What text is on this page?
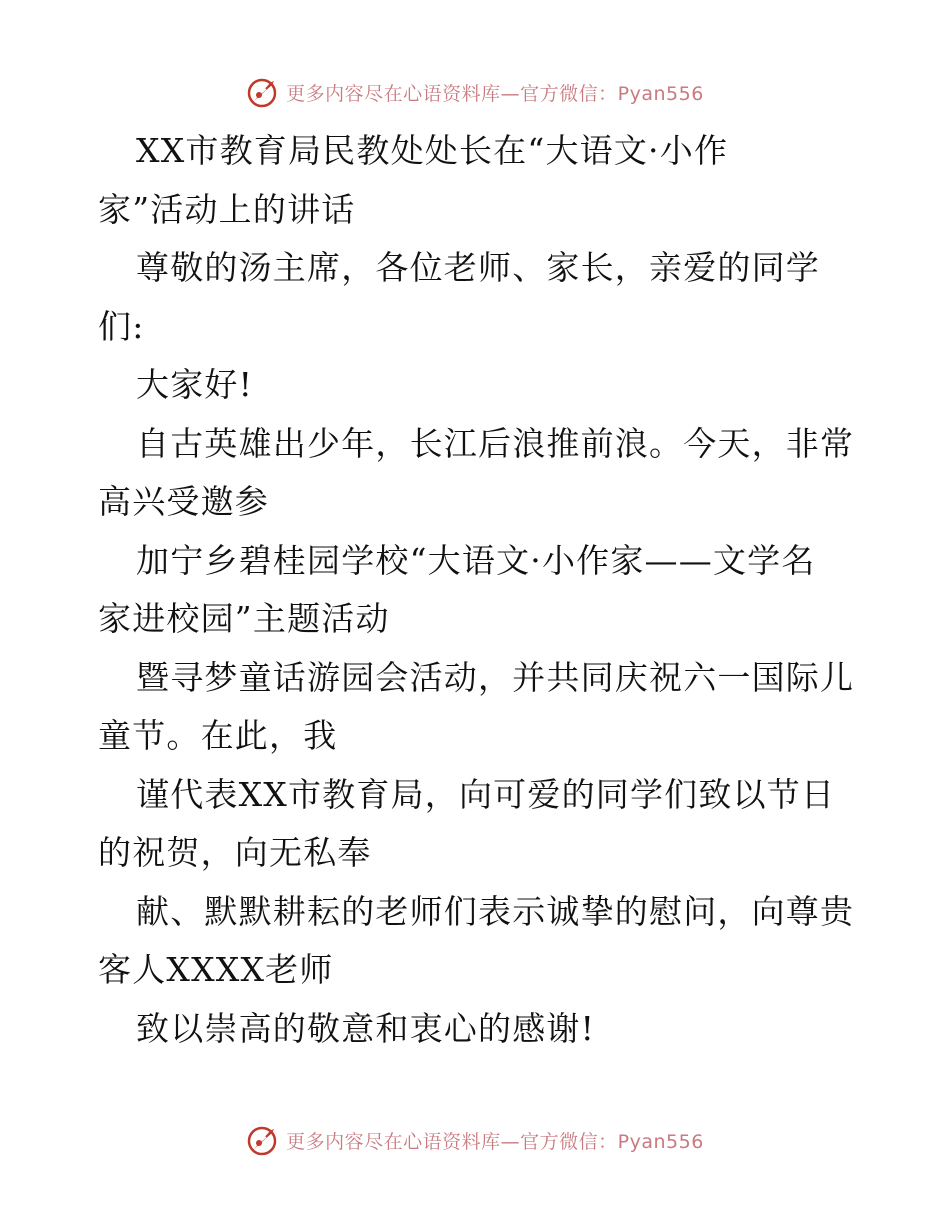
更多内容尽在心语资料库—官方微信：Pyan556
XX市教育局民教处处长在“大语文·小作
家”活动上的讲话
尊敬的汤主席，各位老师、家长，亲爱的同学
们:
大家好!
自古英雄出少年，长江后浪推前浪。今天，非常
高兴受邀参
加宁乡碧桂园学校“大语文·小作家——文学名
家进校园”主题活动
暨寻梦童话游园会活动，并共同庆祝六一国际儿
童节。在此，我
谨代表XX市教育局，向可爱的同学们致以节日
的祝贺，向无私奉
献、默默耕耘的老师们表示诚挚的慰问，向尊贵
客人XXXX老师
致以崇高的敬意和衷心的感谢!
更多内容尽在心语资料库—官方微信：Pyan556
